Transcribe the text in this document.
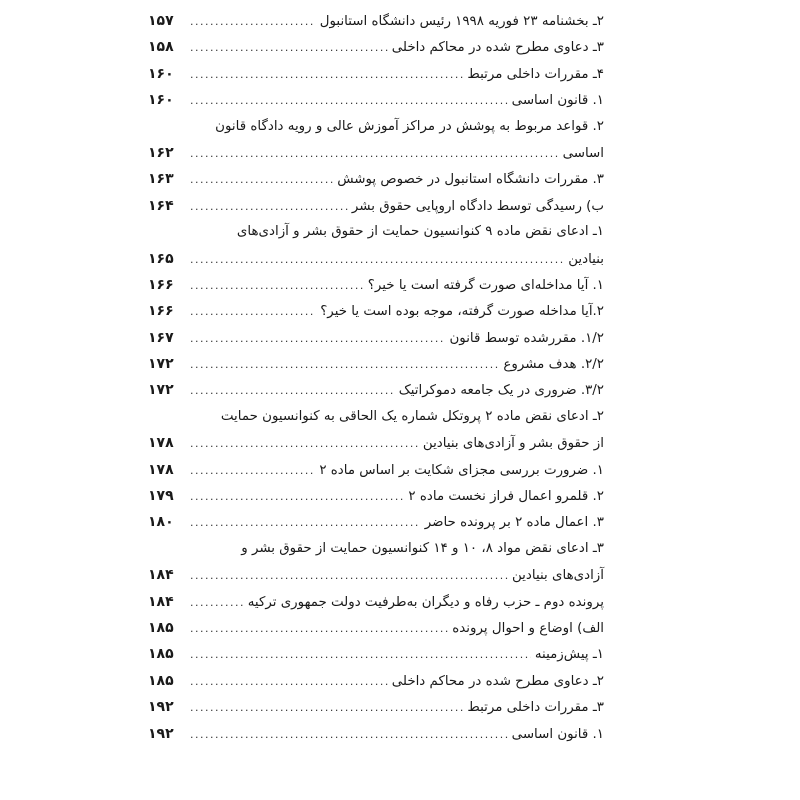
۲ـ بخشنامه ۲۳ فوریه ۱۹۹۸ رئیس دانشگاه استانبول
.....
۱۵۷
۳ـ دعاوی مطرح شده در محاکم داخلی
.....
۱۵۸
۴ـ مقررات داخلی مرتبط
.....
۱۶۰
۱. قانون اساسی
.....
۱۶۰
۲. قواعد مربوط به پوشش در مراکز آموزش عالی و رویه دادگاه قانون
اساسی
.....
۱۶۲
۳. مقررات دانشگاه استانبول در خصوص پوشش
.....
۱۶۳
ب) رسیدگی توسط دادگاه اروپایی حقوق بشر
.....
۱۶۴
۱ـ ادعای نقض ماده ۹ کنوانسیون حمایت از حقوق بشر و آزادی‌های
بنیادین
.....
۱۶۵
۱. آیا مداخله‌ای صورت گرفته است یا خیر؟
.....
۱۶۶
۲.آیا مداخله صورت گرفته، موجه بوده است یا خیر؟
.....
۱۶۶
۱/۲. مقررشده توسط قانون
.....
۱۶۷
۲/۲. هدف مشروع
.....
۱۷۲
۳/۲. ضروری در یک جامعه دموکراتیک
.....
۱۷۲
۲ـ ادعای نقض ماده ۲ پروتکل شماره یک الحاقی به کنوانسیون حمایت
از حقوق بشر و آزادی‌های بنیادین
.....
۱۷۸
۱. ضرورت بررسی مجزای شکایت بر اساس ماده ۲
.....
۱۷۸
۲. قلمرو اعمال فراز نخست ماده ۲
.....
۱۷۹
۳. اعمال ماده ۲ بر پرونده حاضر
.....
۱۸۰
۳ـ ادعای نقض مواد ۸، ۱۰ و ۱۴ کنوانسیون حمایت از حقوق بشر و
آزادی‌های بنیادین
.....
۱۸۴
پرونده دوم ـ حزب رفاه و دیگران به‌طرفیت دولت جمهوری ترکیه
.....
۱۸۴
الف) اوضاع و احوال پرونده
.....
۱۸۵
۱ـ پیش‌زمینه
.....
۱۸۵
۲ـ دعاوی مطرح شده در محاکم داخلی
.....
۱۸۵
۳ـ مقررات داخلی مرتبط
.....
۱۹۲
۱. قانون اساسی
.....
۱۹۲
